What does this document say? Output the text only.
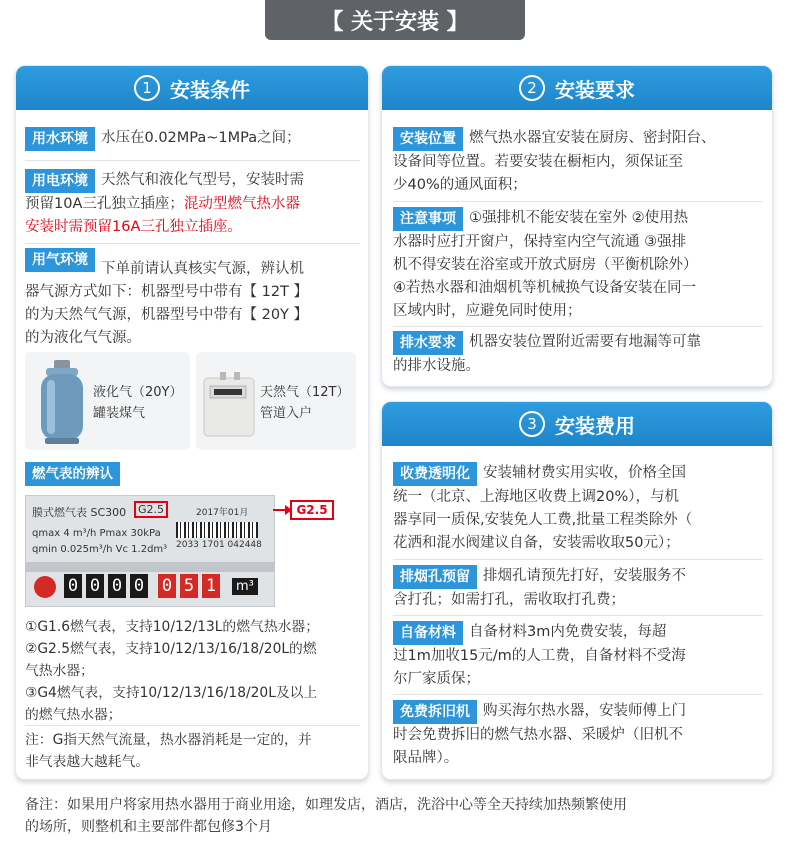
【 关于安装 】
1 安装条件
用水环境 水压在0.02MPa~1MPa之间；
用电环境 天然气和液化气型号，安装时需
预留10A三孔独立插座；混动型燃气热水器
安装时需预留16A三孔独立插座。
用气环境下单前请认真核实气源，辨认机
器气源方式如下：机器型号中带有【 12T 】
的为天然气气源，机器型号中带有【 20Y 】
的为液化气气源。
液化气（20Y）
罐装煤气
天然气（12T）
管道入户
燃气表的辨认
膜式燃气表 SC300	G2.5	2017年01月
qmax 4 m³/h Pmax 30kPa
qmin 0.025m³/h Vc 1.2dm³ 2033 1701 042448
0 0 0 0 0 5 1	m³
G2.5
①G1.6燃气表，支持10/12/13L的燃气热水器；
②G2.5燃气表，支持10/12/13/16/18/20L的燃
气热水器；
③G4燃气表，支持10/12/13/16/18/20L及以上
的燃气热水器；
注：G指天然气流量，热水器消耗是一定的，并
非气表越大越耗气。
2 安装要求
安装位置 燃气热水器宜安装在厨房、密封阳台、
设备间等位置。若要安装在橱柜内，须保证至
少40%的通风面积；
注意事项 ①强排机不能安装在室外 ②使用热
水器时应打开窗户，保持室内空气流通 ③强排
机不得安装在浴室或开放式厨房（平衡机除外）
④若热水器和油烟机等机械换气设备安装在同一
区域内时，应避免同时使用；
排水要求 机器安装位置附近需要有地漏等可靠
的排水设施。
3 安装费用
收费透明化 安装辅材费实用实收，价格全国
统一（北京、上海地区收费上调20%），与机
器享同一质保,安装免人工费,批量工程类除外（
花洒和混水阀建议自备，安装需收取50元）；
排烟孔预留 排烟孔请预先打好，安装服务不
含打孔；如需打孔，需收取打孔费；
自备材料 自备材料3m内免费安装，每超
过1m加收15元/m的人工费，自备材料不受海
尔厂家质保；
免费拆旧机 购买海尔热水器，安装师傅上门
时会免费拆旧的燃气热水器、采暖炉（旧机不
限品牌）。
备注：如果用户将家用热水器用于商业用途，如理发店，酒店，洗浴中心等全天持续加热频繁使用
的场所，则整机和主要部件都包修3个月
